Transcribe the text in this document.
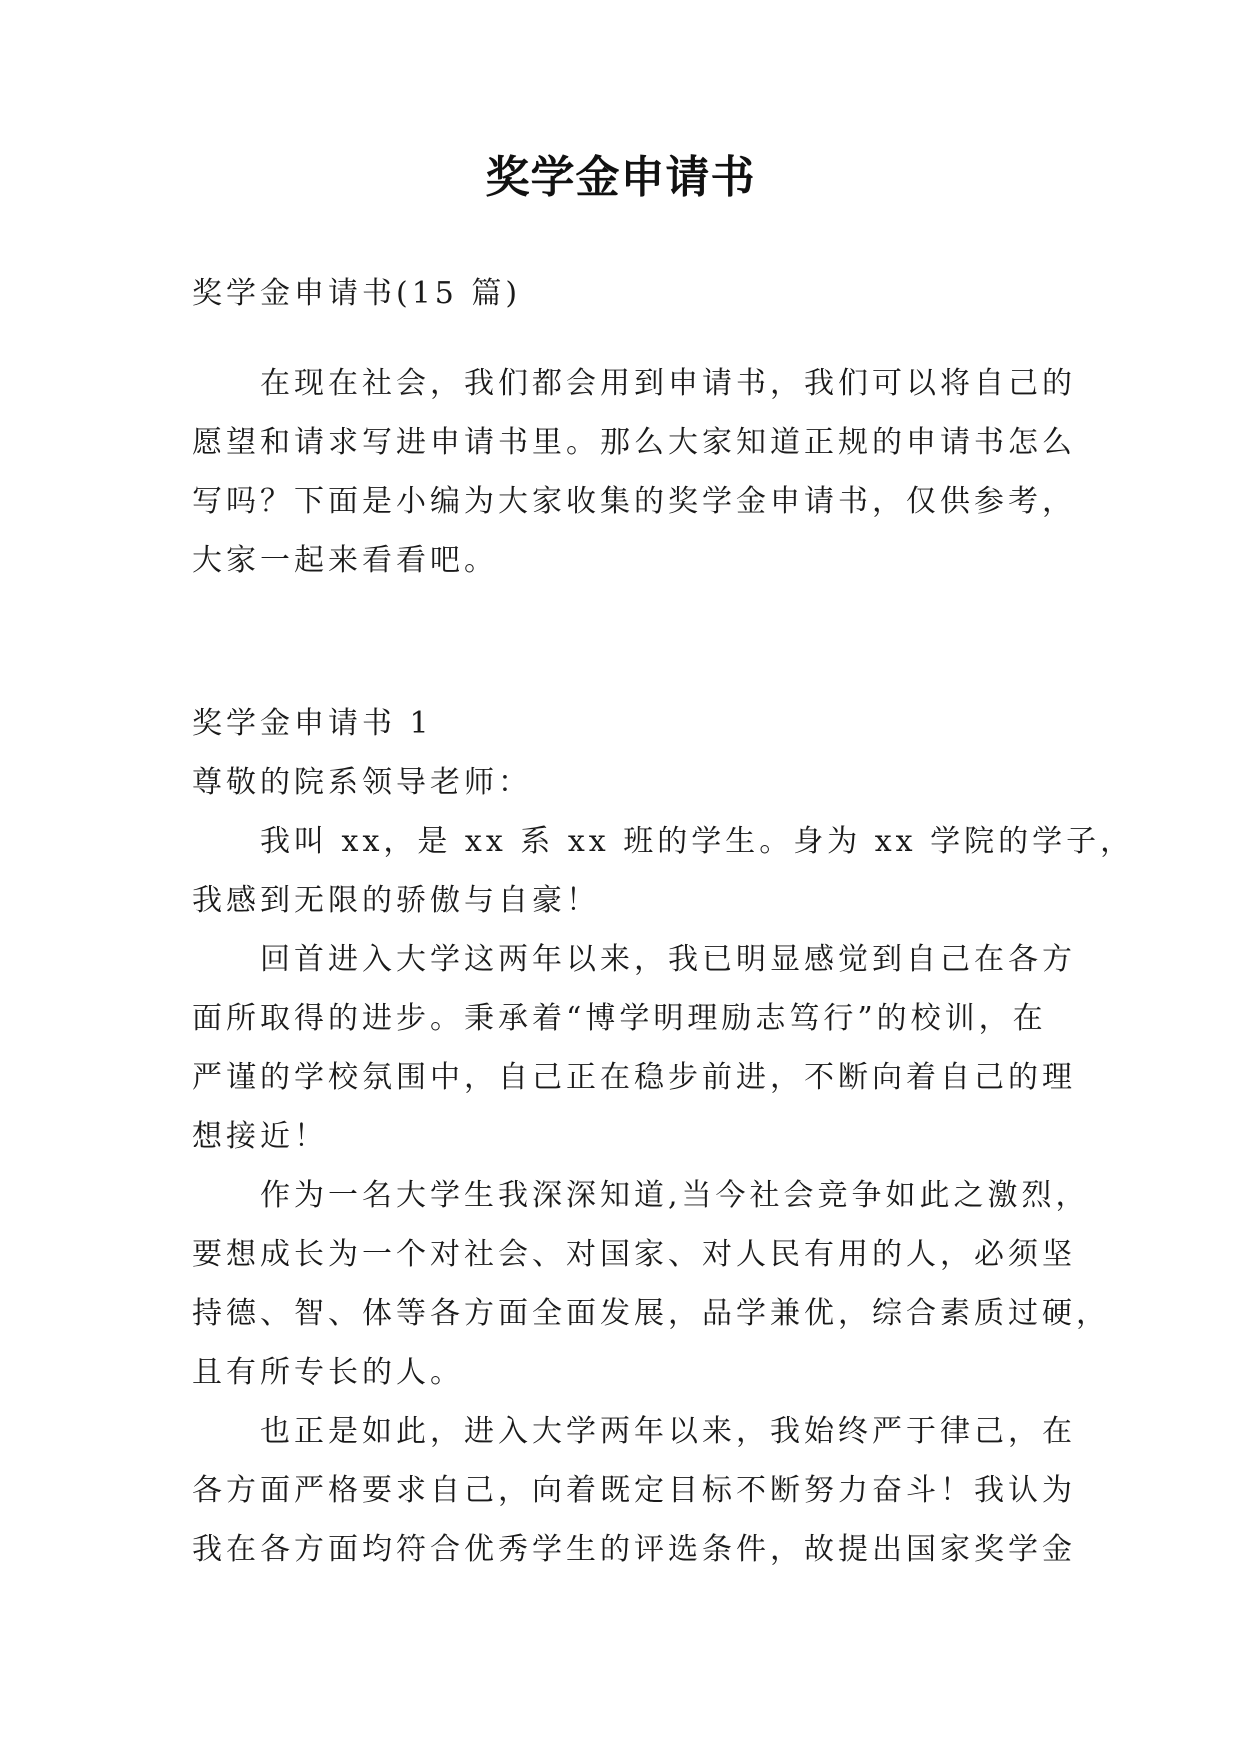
奖学金申请书
奖学金申请书(15 篇)
在现在社会，我们都会用到申请书，我们可以将自己的
愿望和请求写进申请书里。那么大家知道正规的申请书怎么
写吗？下面是小编为大家收集的奖学金申请书，仅供参考，
大家一起来看看吧。
奖学金申请书 1
尊敬的院系领导老师：
我叫 xx，是 xx 系 xx 班的学生。身为 xx 学院的学子，
我感到无限的骄傲与自豪！
回首进入大学这两年以来，我已明显感觉到自己在各方
面所取得的进步。秉承着“博学明理励志笃行”的校训，在
严谨的学校氛围中，自己正在稳步前进，不断向着自己的理
想接近！
作为一名大学生我深深知道,当今社会竞争如此之激烈，
要想成长为一个对社会、对国家、对人民有用的人，必须坚
持德、智、体等各方面全面发展，品学兼优，综合素质过硬，
且有所专长的人。
也正是如此，进入大学两年以来，我始终严于律己，在
各方面严格要求自己，向着既定目标不断努力奋斗！我认为
我在各方面均符合优秀学生的评选条件，故提出国家奖学金
